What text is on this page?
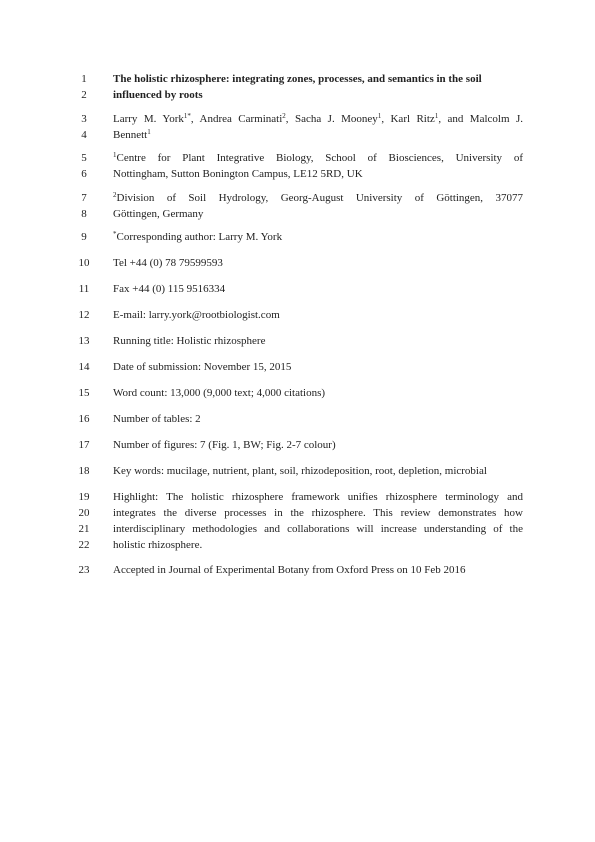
1	The holistic rhizosphere: integrating zones, processes, and semantics in the soil
2	influenced by roots
3	Larry M. York$^{1*}$, Andrea Carminati$^2$, Sacha J. Mooney$^1$, Karl Ritz$^1$, and Malcolm J.
4	Bennett$^1$
5	$^1$Centre for Plant Integrative Biology, School of Biosciences, University of
6	Nottingham, Sutton Bonington Campus, LE12 5RD, UK
7	$^2$Division of Soil Hydrology, Georg-August University of Göttingen, 37077
8	Göttingen, Germany
9	*Corresponding author: Larry M. York
10	Tel +44 (0) 78 79599593
11	Fax +44 (0) 115 9516334
12	E-mail: larry.york@rootbiologist.com
13	Running title: Holistic rhizosphere
14	Date of submission: November 15, 2015
15	Word count: 13,000 (9,000 text; 4,000 citations)
16	Number of tables: 2
17	Number of figures: 7 (Fig. 1, BW; Fig. 2-7 colour)
18	Key words: mucilage, nutrient, plant, soil, rhizodeposition, root, depletion, microbial
19	Highlight: The holistic rhizosphere framework unifies rhizosphere terminology and
20	integrates the diverse processes in the rhizosphere. This review demonstrates how
21	interdisciplinary methodologies and collaborations will increase understanding of the
22	holistic rhizosphere.
23	Accepted in Journal of Experimental Botany from Oxford Press on 10 Feb 2016
